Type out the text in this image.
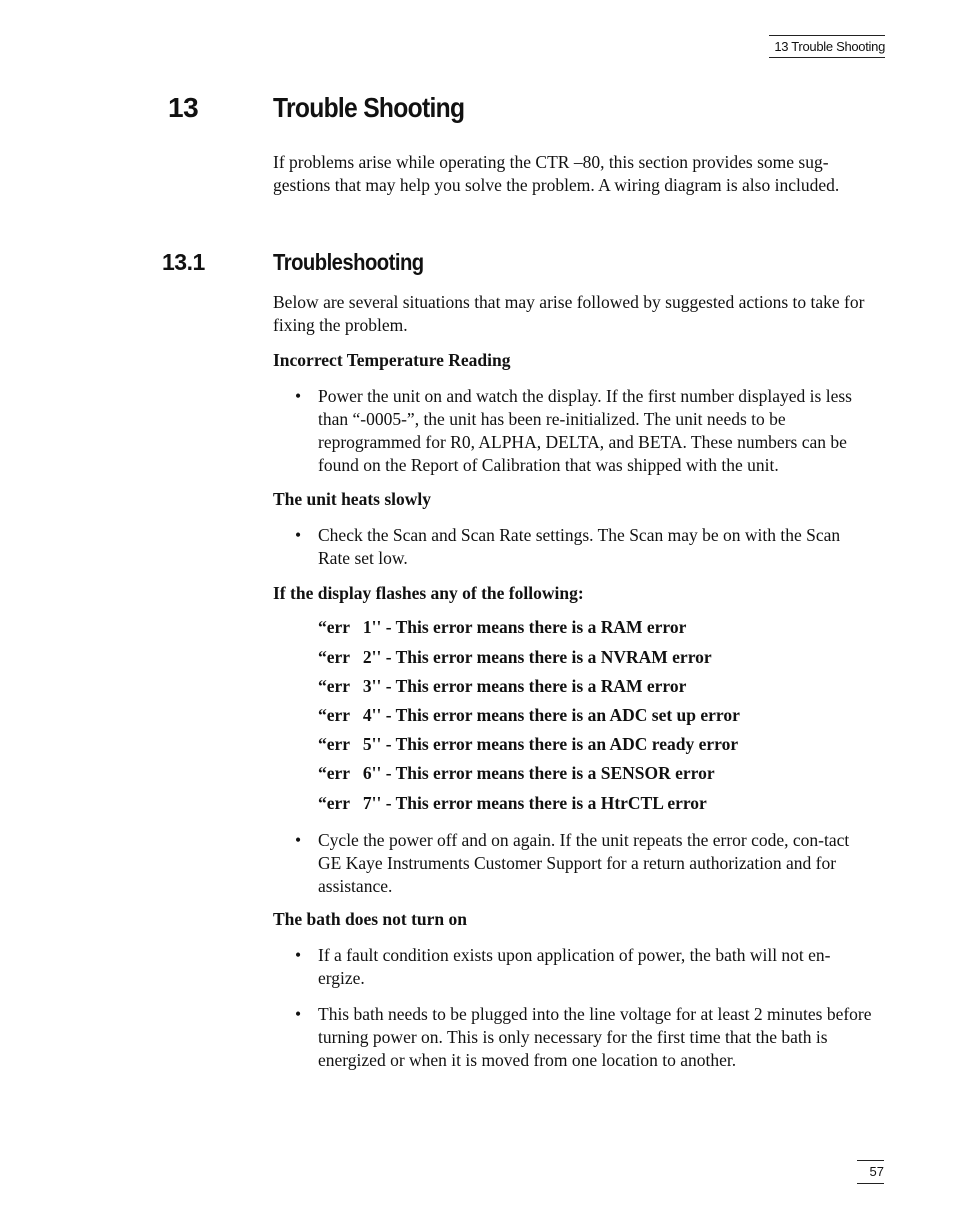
13 Trouble Shooting
13	Trouble Shooting
If problems arise while operating the CTR –80, this section provides some sug-gestions that may help you solve the problem. A wiring diagram is also included.
13.1	Troubleshooting
Below are several situations that may arise followed by suggested actions to take for fixing the problem.
Incorrect Temperature Reading
• Power the unit on and watch the display. If the first number displayed is less than “-0005-”, the unit has been re-initialized. The unit needs to be reprogrammed for R0, ALPHA, DELTA, and BETA. These numbers can be found on the Report of Calibration that was shipped with the unit.
The unit heats slowly
• Check the Scan and Scan Rate settings. The Scan may be on with the Scan Rate set low.
If the display flashes any of the following:
“err   1'' - This error means there is a RAM error
“err   2'' - This error means there is a NVRAM error
“err   3'' - This error means there is a RAM error
“err   4'' - This error means there is an ADC set up error
“err   5'' - This error means there is an ADC ready error
“err   6'' - This error means there is a SENSOR error
“err   7'' - This error means there is a HtrCTL error
• Cycle the power off and on again. If the unit repeats the error code, con-tact GE Kaye Instruments Customer Support for a return authorization and for assistance.
The bath does not turn on
• If a fault condition exists upon application of power, the bath will not en-ergize.
• This bath needs to be plugged into the line voltage for at least 2 minutes before turning power on. This is only necessary for the first time that the bath is energized or when it is moved from one location to another.
57
